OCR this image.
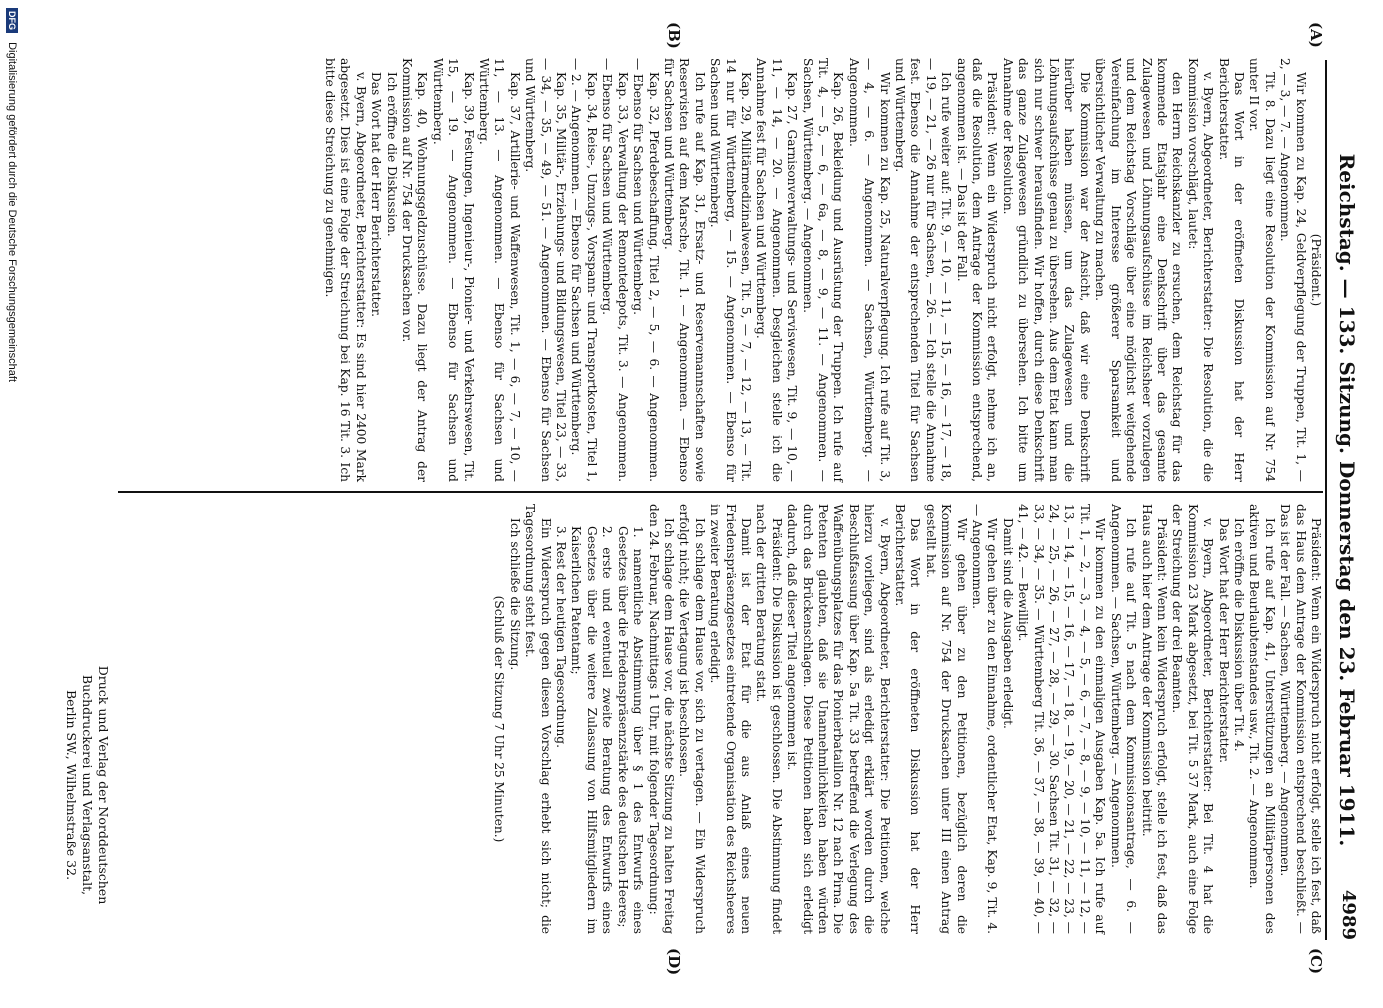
Reichstag. — 133. Sitzung. Donnerstag den 23. Februar 1911.
4989
(A)
(B)
(C)
(D)

(Präsident.)

Wir kommen zu Kap. 24, Geldverpflegung der Truppen, Tit. 1, — 2, — 3, — 7. — Angenommen.

Tit. 8. Dazu liegt eine Resolution der Kommission auf Nr. 754 unter II vor.

Das Wort in der eröffneten Diskussion hat der Herr Berichterstatter.

v. Byern, Abgeordneter, Berichterstatter: Die Resolution, die die Kommission vorschlägt, lautet:

den Herrn Reichskanzler zu ersuchen, dem Reichstag für das kommende Etatsjahr eine Denkschrift über das gesamte Zulagewesen und Löhnungsaufschüsse im Reichsheer vorzulegen und dem Reichstag Vorschläge über eine möglichst weitgehende Vereinfachung im Interesse größerer Sparsamkeit und übersichtlicher Verwaltung zu machen.

Die Kommission war der Ansicht, daß wir eine Denkschrift hierüber haben müssen, um das Zulagewesen und die Löhnungsaufschüsse genau zu übersehen. Aus dem Etat kann man sich nur schwer herausfinden. Wir hoffen, durch diese Denkschrift das ganze Zulagewesen gründlich zu übersehen. Ich bitte um Annahme der Resolution.

Präsident: Wenn ein Widerspruch nicht erfolgt, nehme ich an, daß die Resolution, dem Antrage der Kommission entsprechend, angenommen ist. — Das ist der Fall.

Ich rufe weiter auf: Tit. 9, — 10, — 11, — 15, — 16, — 17, — 18, — 19, — 21, — 26 nur für Sachsen, — 26. — Ich stelle die Annahme fest. Ebenso die Annahme der entsprechenden Titel für Sachsen und Württemberg.

Wir kommen zu Kap. 25, Naturalverpflegung. Ich rufe auf Tit. 3, — 4, — 6. — Angenommen. — Sachsen, Württemberg. — Angenommen.

Kap. 26, Bekleidung und Ausrüstung der Truppen. Ich rufe auf Tit. 4, — 5, — 6, — 6a, — 8, — 9, — 11. — Angenommen. — Sachsen, Württemberg. — Angenommen.

Kap. 27, Garnisonverwaltungs- und Serviswesen, Tit. 9, — 10, — 11, — 14, — 20. — Angenommen. Desgleichen stelle ich die Annahme fest für Sachsen und Württemberg.

Kap. 29, Militärmedizinalwesen, Tit. 5, — 7, — 12, — 13, — Tit. 14 nur für Württemberg, — 15. — Angenommen. — Ebenso für Sachsen und Württemberg.

Ich rufe auf Kap. 31, Ersatz- und Reservemannschaften sowie Reservisten auf dem Marsche, Tit. 1. — Angenommen. — Ebenso für Sachsen und Württemberg.

Kap. 32, Pferdebeschaffung, Titel 2, — 5, — 6. — Angenommen. — Ebenso für Sachsen und Württemberg.

Kap. 33, Verwaltung der Remontedepots, Tit. 3. — Angenommen. — Ebenso für Sachsen und Württemberg.

Kap. 34, Reise-, Umzugs-, Vorspann- und Transportkosten, Titel 1, — 2. — Angenommen. — Ebenso für Sachsen und Württemberg.

Kap. 35, Militär-, Erziehungs- und Bildungswesen, Titel 23, — 33, — 34, — 35, — 49, — 51. — Angenommen. — Ebenso für Sachsen und Württemberg.

Kap. 37, Artillerie- und Waffenwesen, Tit. 1, — 6, — 7, — 10, — 11, — 13. — Angenommen. — Ebenso für Sachsen und Württemberg.

Kap. 39, Festungen, Ingenieur-, Pionier- und Verkehrswesen, Tit. 15, — 19. — Angenommen. — Ebenso für Sachsen und Württemberg.

Kap. 40, Wohnungsgeldzuschüsse. Dazu liegt der Antrag der Kommission auf Nr. 754 der Drucksachen vor.

Ich eröffne die Diskussion.

Das Wort hat der Herr Berichterstatter.

v. Byern, Abgeordneter, Berichterstatter: Es sind hier 2400 Mark abgesetzt. Dies ist eine Folge der Streichung bei Kap. 16 Tit. 3. Ich bitte diese Streichung zu genehmigen.

Präsident: Wenn ein Widerspruch nicht erfolgt, stelle ich fest, daß das Haus dem Antrage der Kommission entsprechend beschließt. — Das ist der Fall. — Sachsen, Württemberg. — Angenommen.

Ich rufe auf Kap. 41, Unterstützungen an Militärpersonen des aktiven und Beurlaubtenstandes usw., Tit. 2. — Angenommen.

Ich eröffne die Diskussion über Tit. 4.

Das Wort hat der Herr Berichterstatter.

v. Byern, Abgeordneter, Berichterstatter: Bei Tit. 4 hat die Kommission 23 Mark abgesetzt, bei Tit. 5 37 Mark, auch eine Folge der Streichung der drei Beamten.

Präsident: Wenn kein Widerspruch erfolgt, stelle ich fest, daß das Haus auch hier dem Antrage der Kommission beitritt.

Ich rufe auf Tit. 5 nach dem Kommissionsantrage, — 6. — Angenommen. — Sachsen, Württemberg. — Angenommen.

Wir kommen zu den einmaligen Ausgaben Kap. 5a. Ich rufe auf Tit. 1, — 2, — 3, — 4, — 5, — 6, — 7, — 8, — 9, — 10, — 11, — 12, — 13, — 14, — 15, — 16, — 17, — 18, — 19, — 20, — 21, — 22, — 23, — 24, — 25, — 26, — 27, — 28, — 29, — 30. Sachsen Tit. 31, — 32, — 33, — 34, — 35. — Württemberg Tit. 36, — 37, — 38, — 39, — 40, — 41, — 42. — Bewilligt.

Damit sind die Ausgaben erledigt.

Wir gehen über zu den Einnahme, ordentlicher Etat, Kap. 9, Tit. 4. — Angenommen.

Wir gehen über zu den Petitionen, bezüglich deren die Kommission auf Nr. 754 der Drucksachen unter III einen Antrag gestellt hat.

Das Wort in der eröffneten Diskussion hat der Herr Berichterstatter.

v. Byern, Abgeordneter, Berichterstatter: Die Petitionen, welche hierzu vorliegen, sind als erledigt erklärt worden durch die Beschlußfassung über Kap. 5a Tit. 33 betreffend die Verlegung des Waffenübungsplatzes für das Pionierbataillon Nr. 12 nach Pirna. Die Petenten glaubten, daß sie Unannehmlichkeiten haben würden durch das Brückenschlagen. Diese Petitionen haben sich erledigt dadurch, daß dieser Titel angenommen ist.

Präsident: Die Diskussion ist geschlossen. Die Abstimmung findet nach der dritten Beratung statt.

Damit ist der Etat für die aus Anlaß eines neuen Friedenspräsenzgesetzes eintretende Organisation des Reichsheeres in zweiter Beratung erledigt.

Ich schlage dem Hause vor, sich zu vertagen. — Ein Widerspruch erfolgt nicht; die Vertagung ist beschlossen.

Ich schlage dem Hause vor, die nächste Sitzung zu halten Freitag den 24. Februar, Nachmittags 1 Uhr, mit folgender Tagesordnung:

1. namentliche Abstimmung über § 1 des Entwurfs eines Gesetzes über die Friedenspräsenzstärke des deutschen Heeres;

2. erste und eventuell zweite Beratung des Entwurfs eines Gesetzes über die weitere Zulassung von Hilfsmitgliedern im Kaiserlichen Patentamt;

3. Rest der heutigen Tagesordnung.

Ein Widerspruch gegen diesen Vorschlag erhebt sich nicht; die Tagesordnung steht fest.

Ich schließe die Sitzung.

(Schluß der Sitzung 7 Uhr 25 Minuten.)

Druck und Verlag der Norddeutschen Buchdruckerei und Verlagsanstalt,
Berlin SW., Wilhelmstraße 32.
DFG Digitalisierung gefördert durch die Deutsche Forschungsgemeinschaft
